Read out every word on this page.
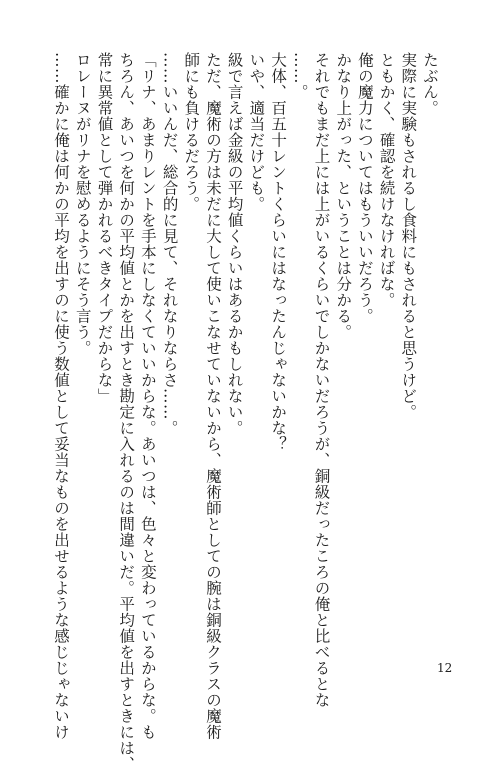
たぶん。
実際に実験もされるし食料にもされると思うけど。
ともかく、確認を続けなければな。
俺の魔力についてはもういいだろう。
かなり上がった、ということは分かる。
それでもまだ上には上がいるくらいでしかないだろうが、銅級だったころの俺と比べるとな
……。
大体、百五十レントくらいにはなったんじゃないかな？
いや、適当だけども。
級で言えば金級の平均値くらいはあるかもしれない。
ただ、魔術の方は未だに大して使いこなせていないから、魔術師としての腕は銅級クラスの魔術
師にも負けるだろう。
……いいんだ、総合的に見て、それなりならさ……。
「リナ、あまりレントを手本にしなくていいからな。あいつは、色々と変わっているからな。も
ちろん、あいつを何かの平均値とかを出すとき勘定に入れるのは間違いだ。平均値を出すときには、
常に異常値として弾かれるべきタイプだからな」
ロレーヌがリナを慰めるようにそう言う。
……確かに俺は何かの平均を出すのに使う数値として妥当なものを出せるような感じじゃないけ	12
